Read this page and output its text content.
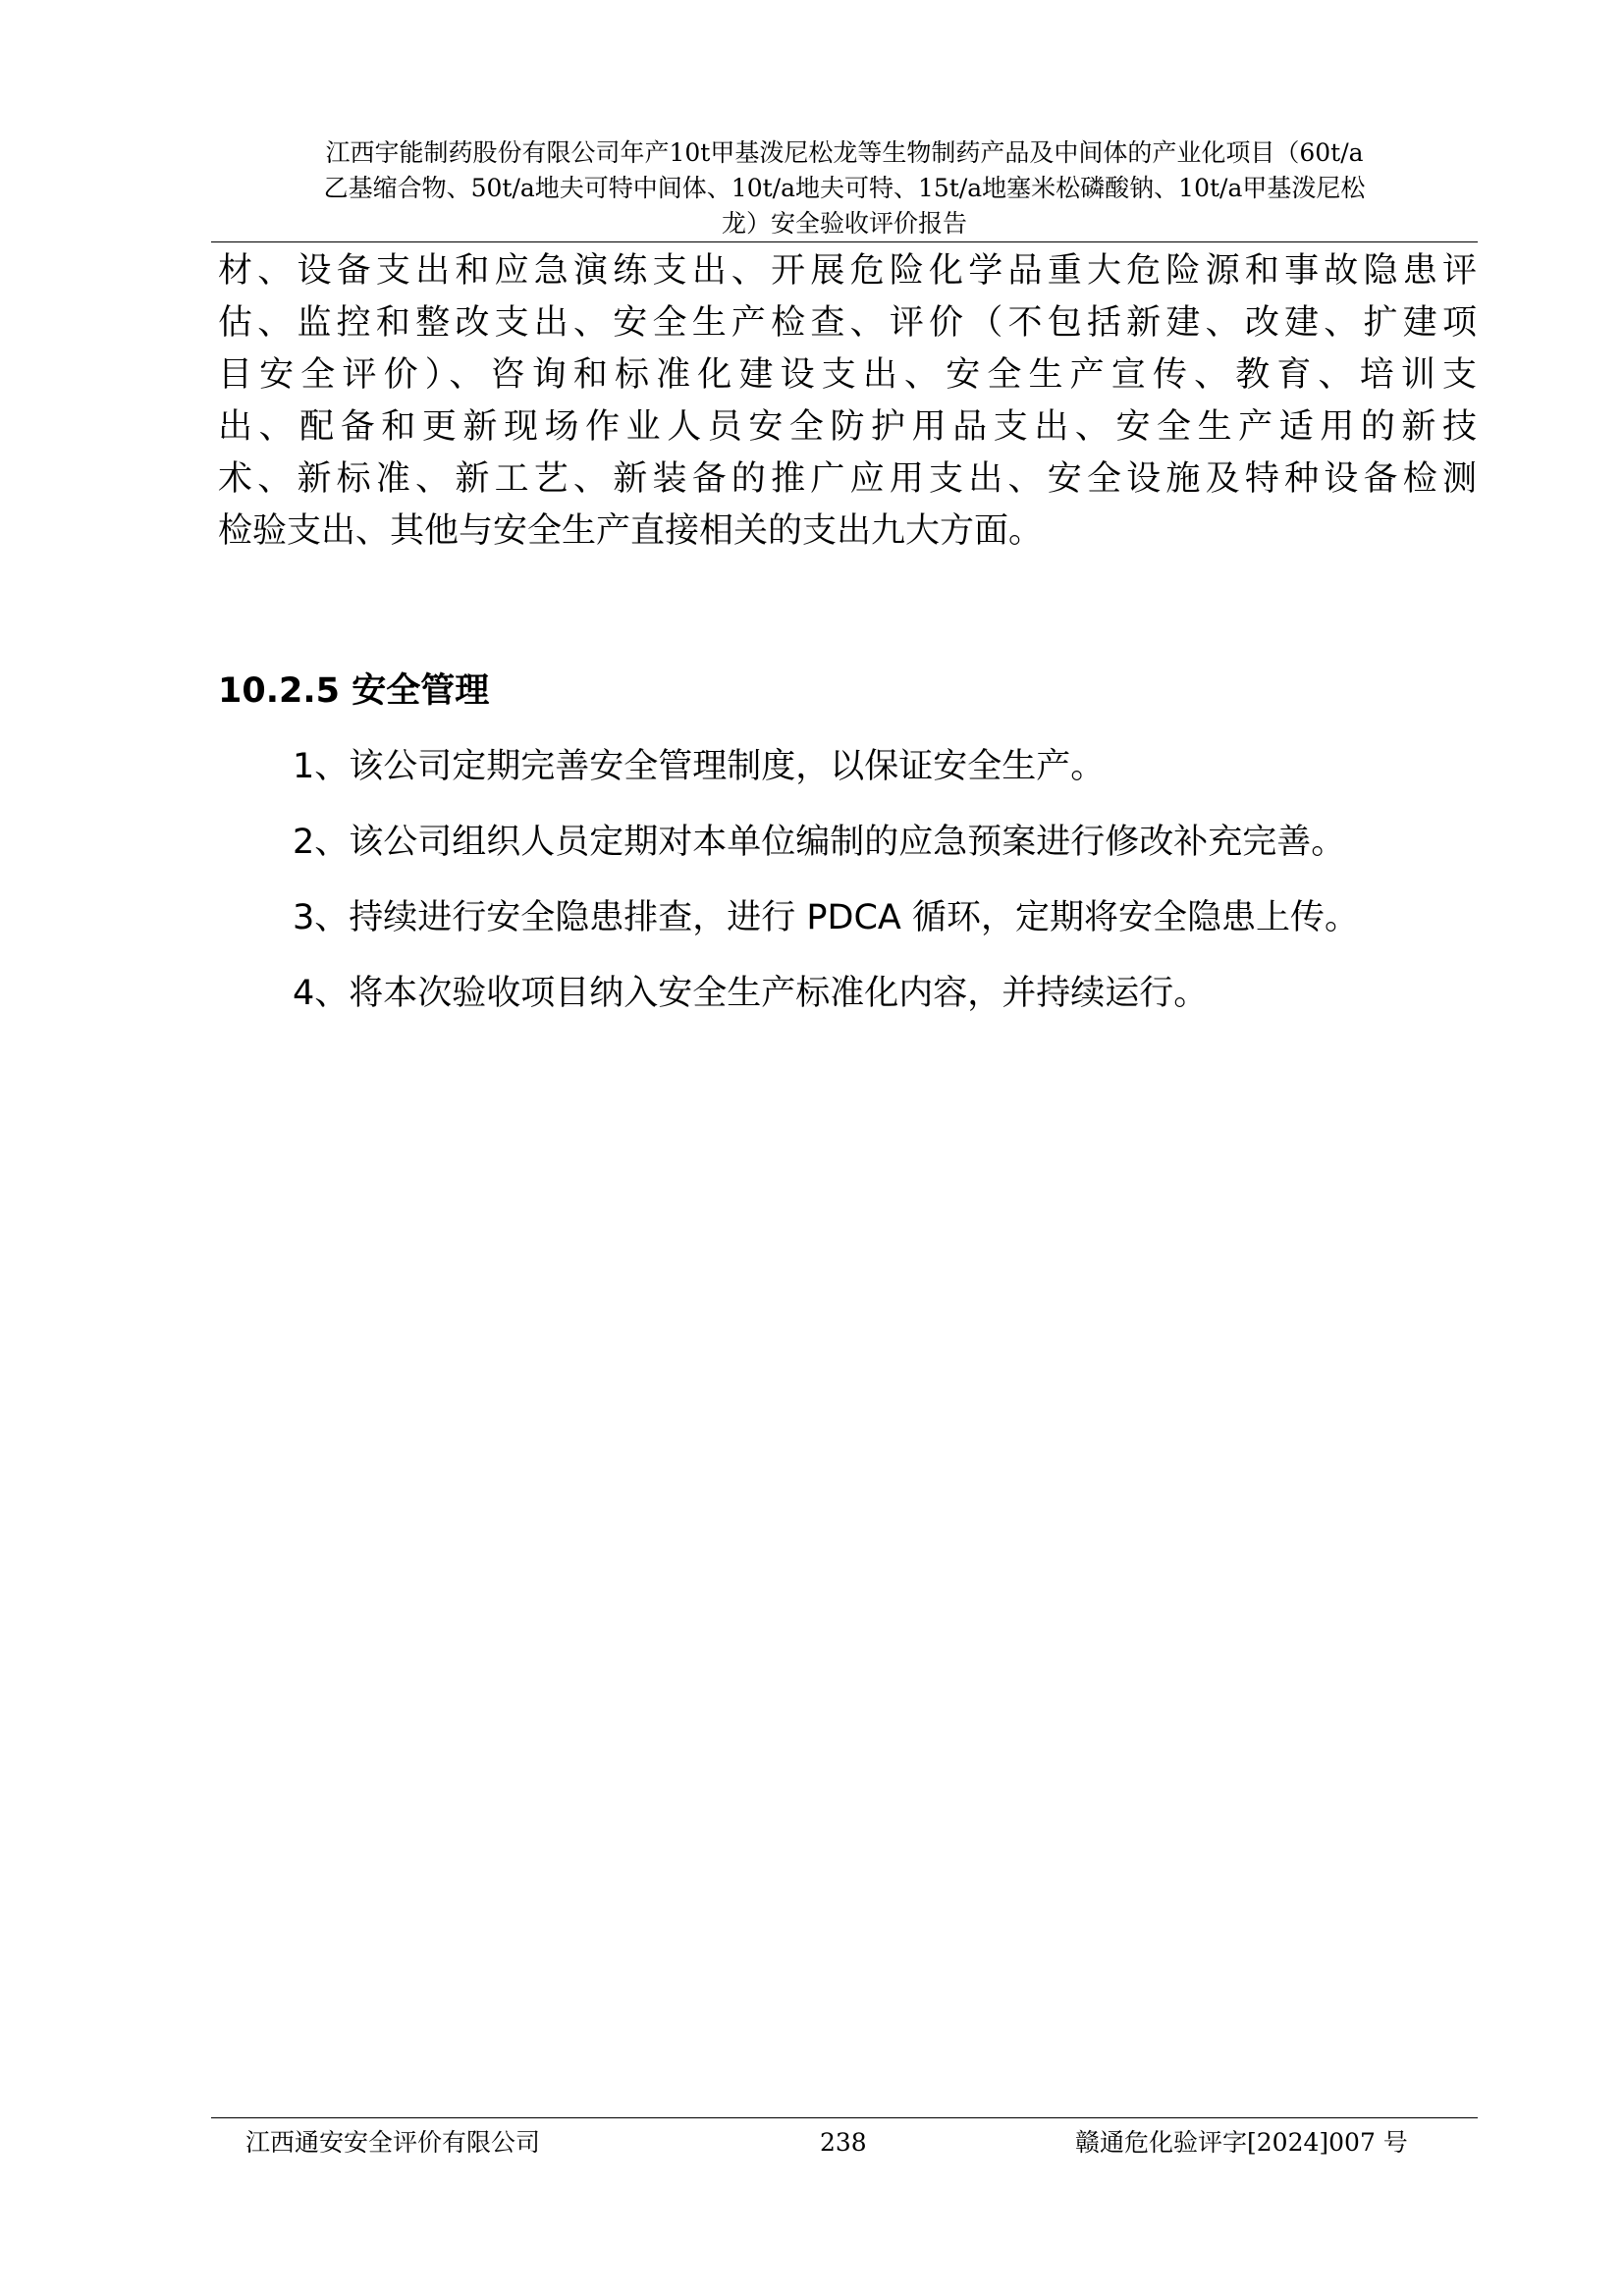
江西宇能制药股份有限公司年产10t甲基泼尼松龙等生物制药产品及中间体的产业化项目（60t/a
乙基缩合物、50t/a地夫可特中间体、10t/a地夫可特、15t/a地塞米松磷酸钠、10t/a甲基泼尼松
龙）安全验收评价报告

材、设备支出和应急演练支出、开展危险化学品重大危险源和事故隐患评
估、监控和整改支出、安全生产检查、评价（不包括新建、改建、扩建项
目安全评价）、咨询和标准化建设支出、安全生产宣传、教育、培训支
出、配备和更新现场作业人员安全防护用品支出、安全生产适用的新技
术、新标准、新工艺、新装备的推广应用支出、安全设施及特种设备检测
检验支出、其他与安全生产直接相关的支出九大方面。

10.2.5 安全管理
1、该公司定期完善安全管理制度，以保证安全生产。
2、该公司组织人员定期对本单位编制的应急预案进行修改补充完善。
3、持续进行安全隐患排查，进行 PDCA 循环，定期将安全隐患上传。
4、将本次验收项目纳入安全生产标准化内容，并持续运行。
江西通安安全评价有限公司	238	赣通危化验评字[2024]007 号
